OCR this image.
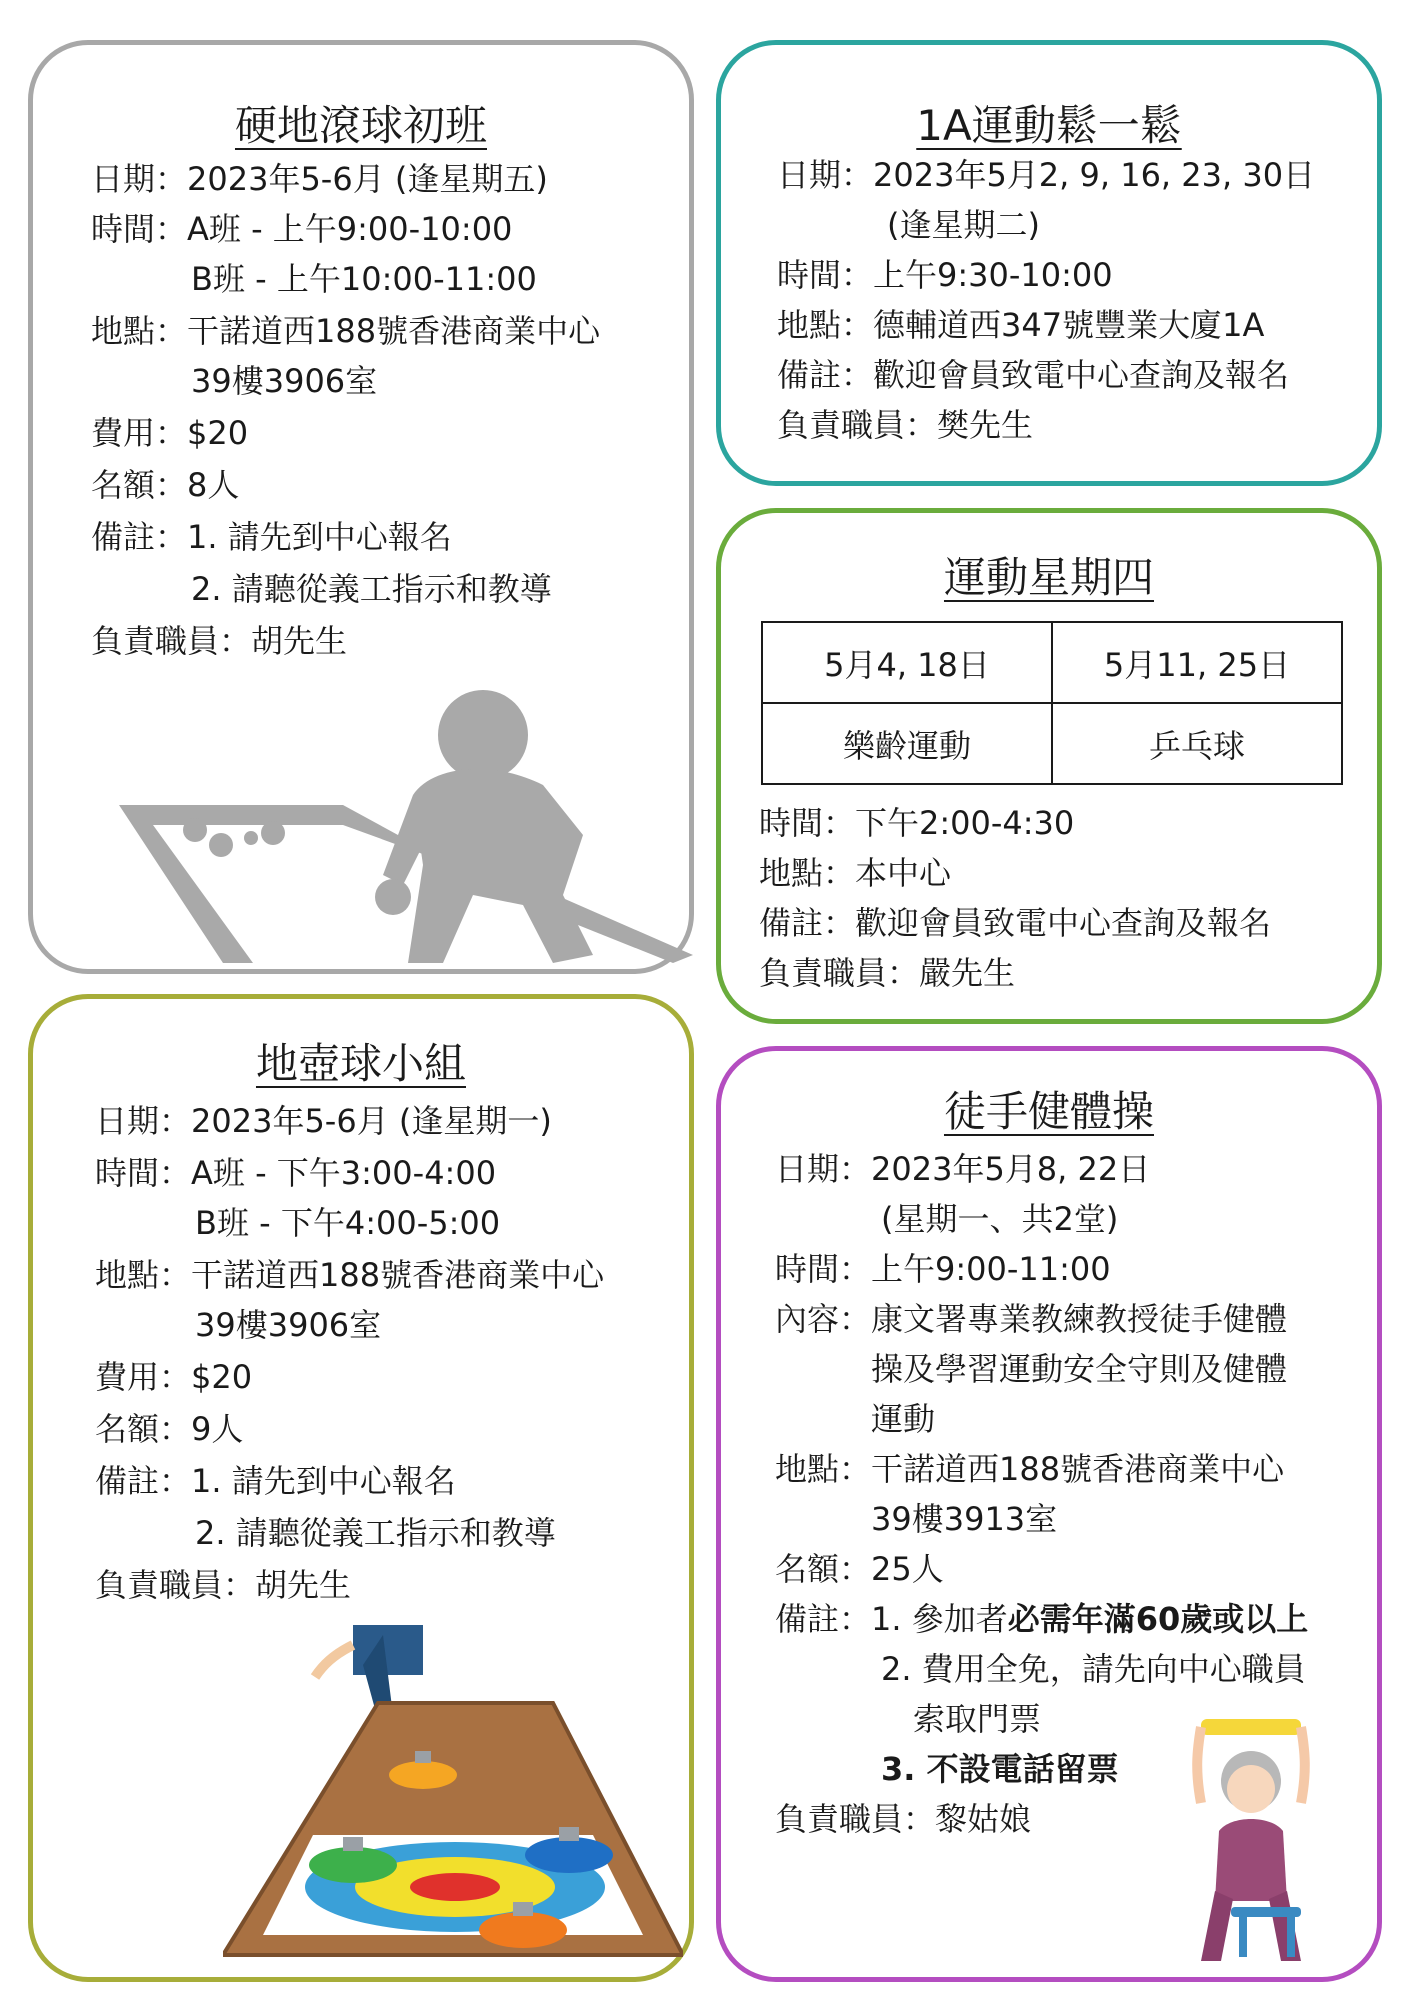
硬地滾球初班
日期：2023年5-6月 (逢星期五)
時間：A班 - 上午9:00-10:00
B班 - 上午10:00-11:00
地點：干諾道西188號香港商業中心
39樓3906室
費用：$20
名額：8人
備註：1. 請先到中心報名
2. 請聽從義工指示和教導
負責職員：胡先生
1A運動鬆一鬆
日期：2023年5月2, 9, 16, 23, 30日
(逢星期二)
時間：上午9:30-10:00
地點：德輔道西347號豐業大廈1A
備註：歡迎會員致電中心查詢及報名
負責職員：樊先生
運動星期四
5月4, 18日	5月11, 25日
樂齡運動	乒乓球
時間：下午2:00-4:30
地點：本中心
備註：歡迎會員致電中心查詢及報名
負責職員：嚴先生
地壺球小組
日期：2023年5-6月 (逢星期一)
時間：A班 - 下午3:00-4:00
B班 - 下午4:00-5:00
地點：干諾道西188號香港商業中心
39樓3906室
費用：$20
名額：9人
備註：1. 請先到中心報名
2. 請聽從義工指示和教導
負責職員：胡先生
徒手健體操
日期：2023年5月8, 22日
(星期一、共2堂)
時間：上午9:00-11:00
內容：康文署專業教練教授徒手健體
操及學習運動安全守則及健體
運動
地點：干諾道西188號香港商業中心
39樓3913室
名額：25人
備註：1. 參加者必需年滿60歲或以上
2. 費用全免，請先向中心職員
索取門票
3. 不設電話留票
負責職員：黎姑娘
